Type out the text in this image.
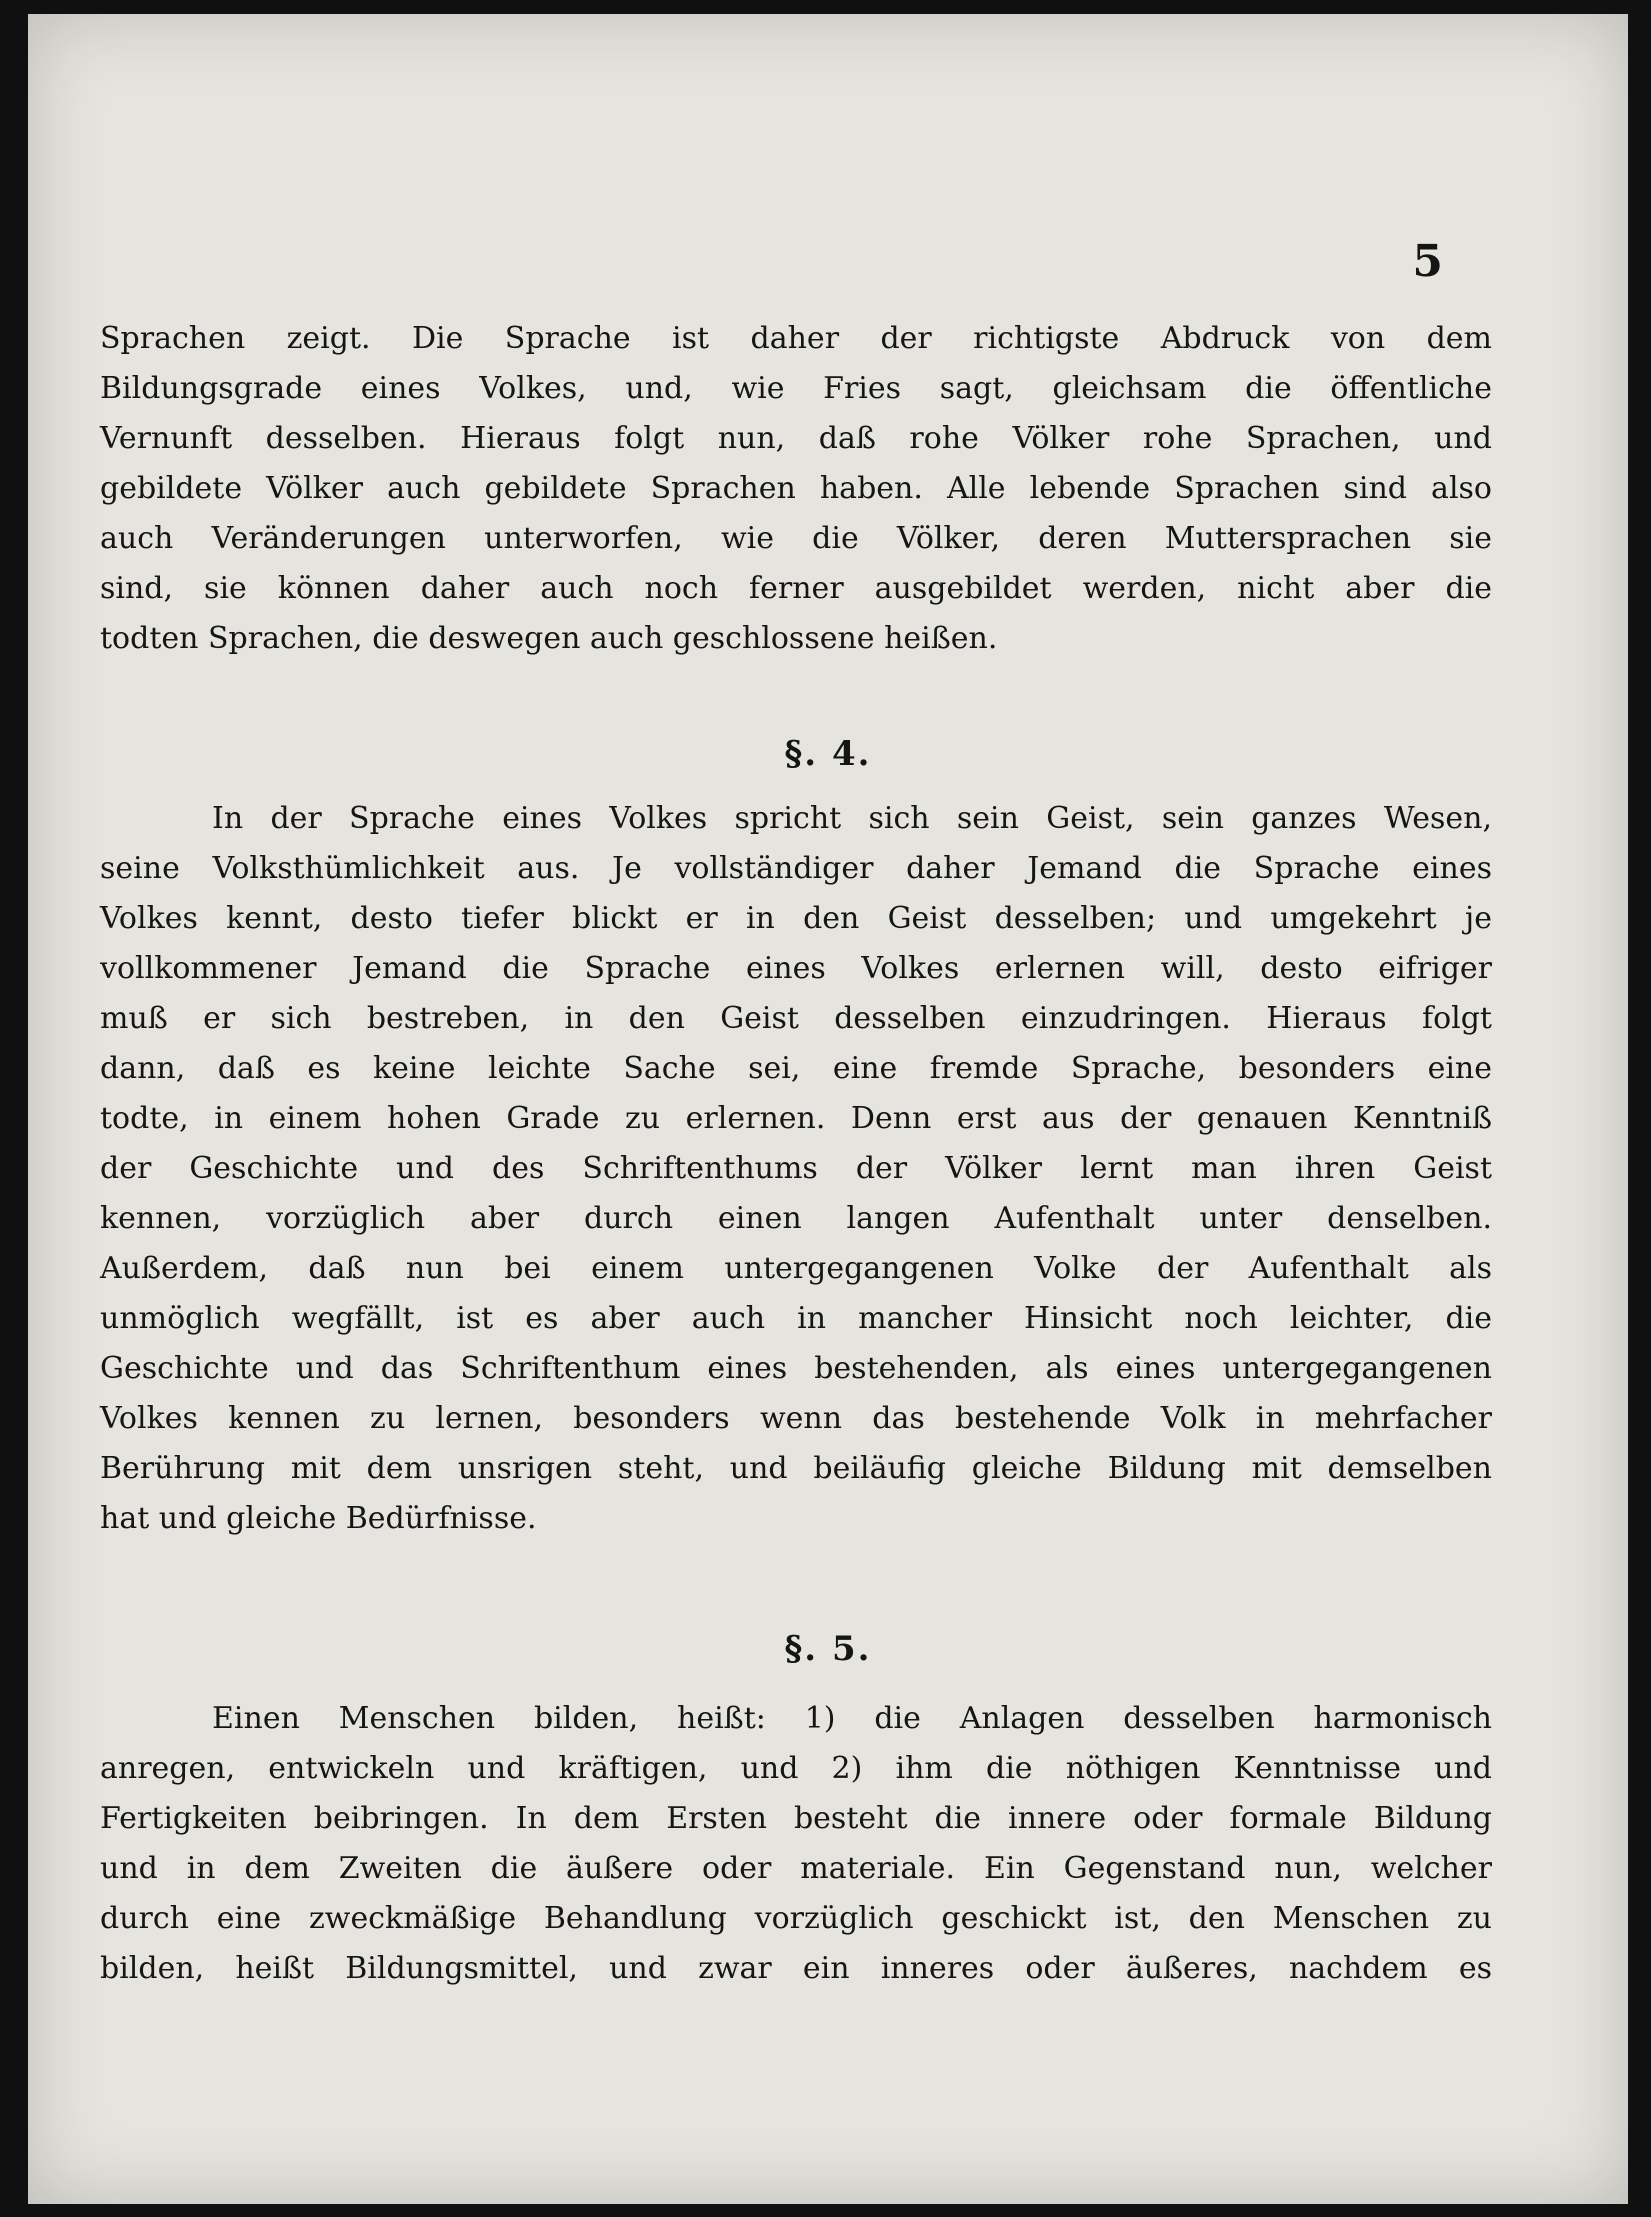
5

Sprachen zeigt. Die Sprache ist daher der richtigste Abdruck von dem
Bildungsgrade eines Volkes, und, wie Fries sagt, gleichsam die öffentliche
Vernunft desselben. Hieraus folgt nun, daß rohe Völker rohe Sprachen, und
gebildete Völker auch gebildete Sprachen haben. Alle lebende Sprachen sind also
auch Veränderungen unterworfen, wie die Völker, deren Muttersprachen sie
sind, sie können daher auch noch ferner ausgebildet werden, nicht aber die
todten Sprachen, die deswegen auch geschlossene heißen.
§. 4.
In der Sprache eines Volkes spricht sich sein Geist, sein ganzes Wesen,
seine Volksthümlichkeit aus. Je vollständiger daher Jemand die Sprache eines
Volkes kennt, desto tiefer blickt er in den Geist desselben; und umgekehrt je
vollkommener Jemand die Sprache eines Volkes erlernen will, desto eifriger
muß er sich bestreben, in den Geist desselben einzudringen. Hieraus folgt
dann, daß es keine leichte Sache sei, eine fremde Sprache, besonders eine
todte, in einem hohen Grade zu erlernen. Denn erst aus der genauen Kenntniß
der Geschichte und des Schriftenthums der Völker lernt man ihren Geist
kennen, vorzüglich aber durch einen langen Aufenthalt unter denselben.
Außerdem, daß nun bei einem untergegangenen Volke der Aufenthalt als
unmöglich wegfällt, ist es aber auch in mancher Hinsicht noch leichter, die
Geschichte und das Schriftenthum eines bestehenden, als eines untergegangenen
Volkes kennen zu lernen, besonders wenn das bestehende Volk in mehrfacher
Berührung mit dem unsrigen steht, und beiläufig gleiche Bildung mit demselben
hat und gleiche Bedürfnisse.
§. 5.
Einen Menschen bilden, heißt: 1) die Anlagen desselben harmonisch
anregen, entwickeln und kräftigen, und 2) ihm die nöthigen Kenntnisse und
Fertigkeiten beibringen. In dem Ersten besteht die innere oder formale Bildung
und in dem Zweiten die äußere oder materiale. Ein Gegenstand nun, welcher
durch eine zweckmäßige Behandlung vorzüglich geschickt ist, den Menschen zu
bilden, heißt Bildungsmittel, und zwar ein inneres oder äußeres, nachdem es
